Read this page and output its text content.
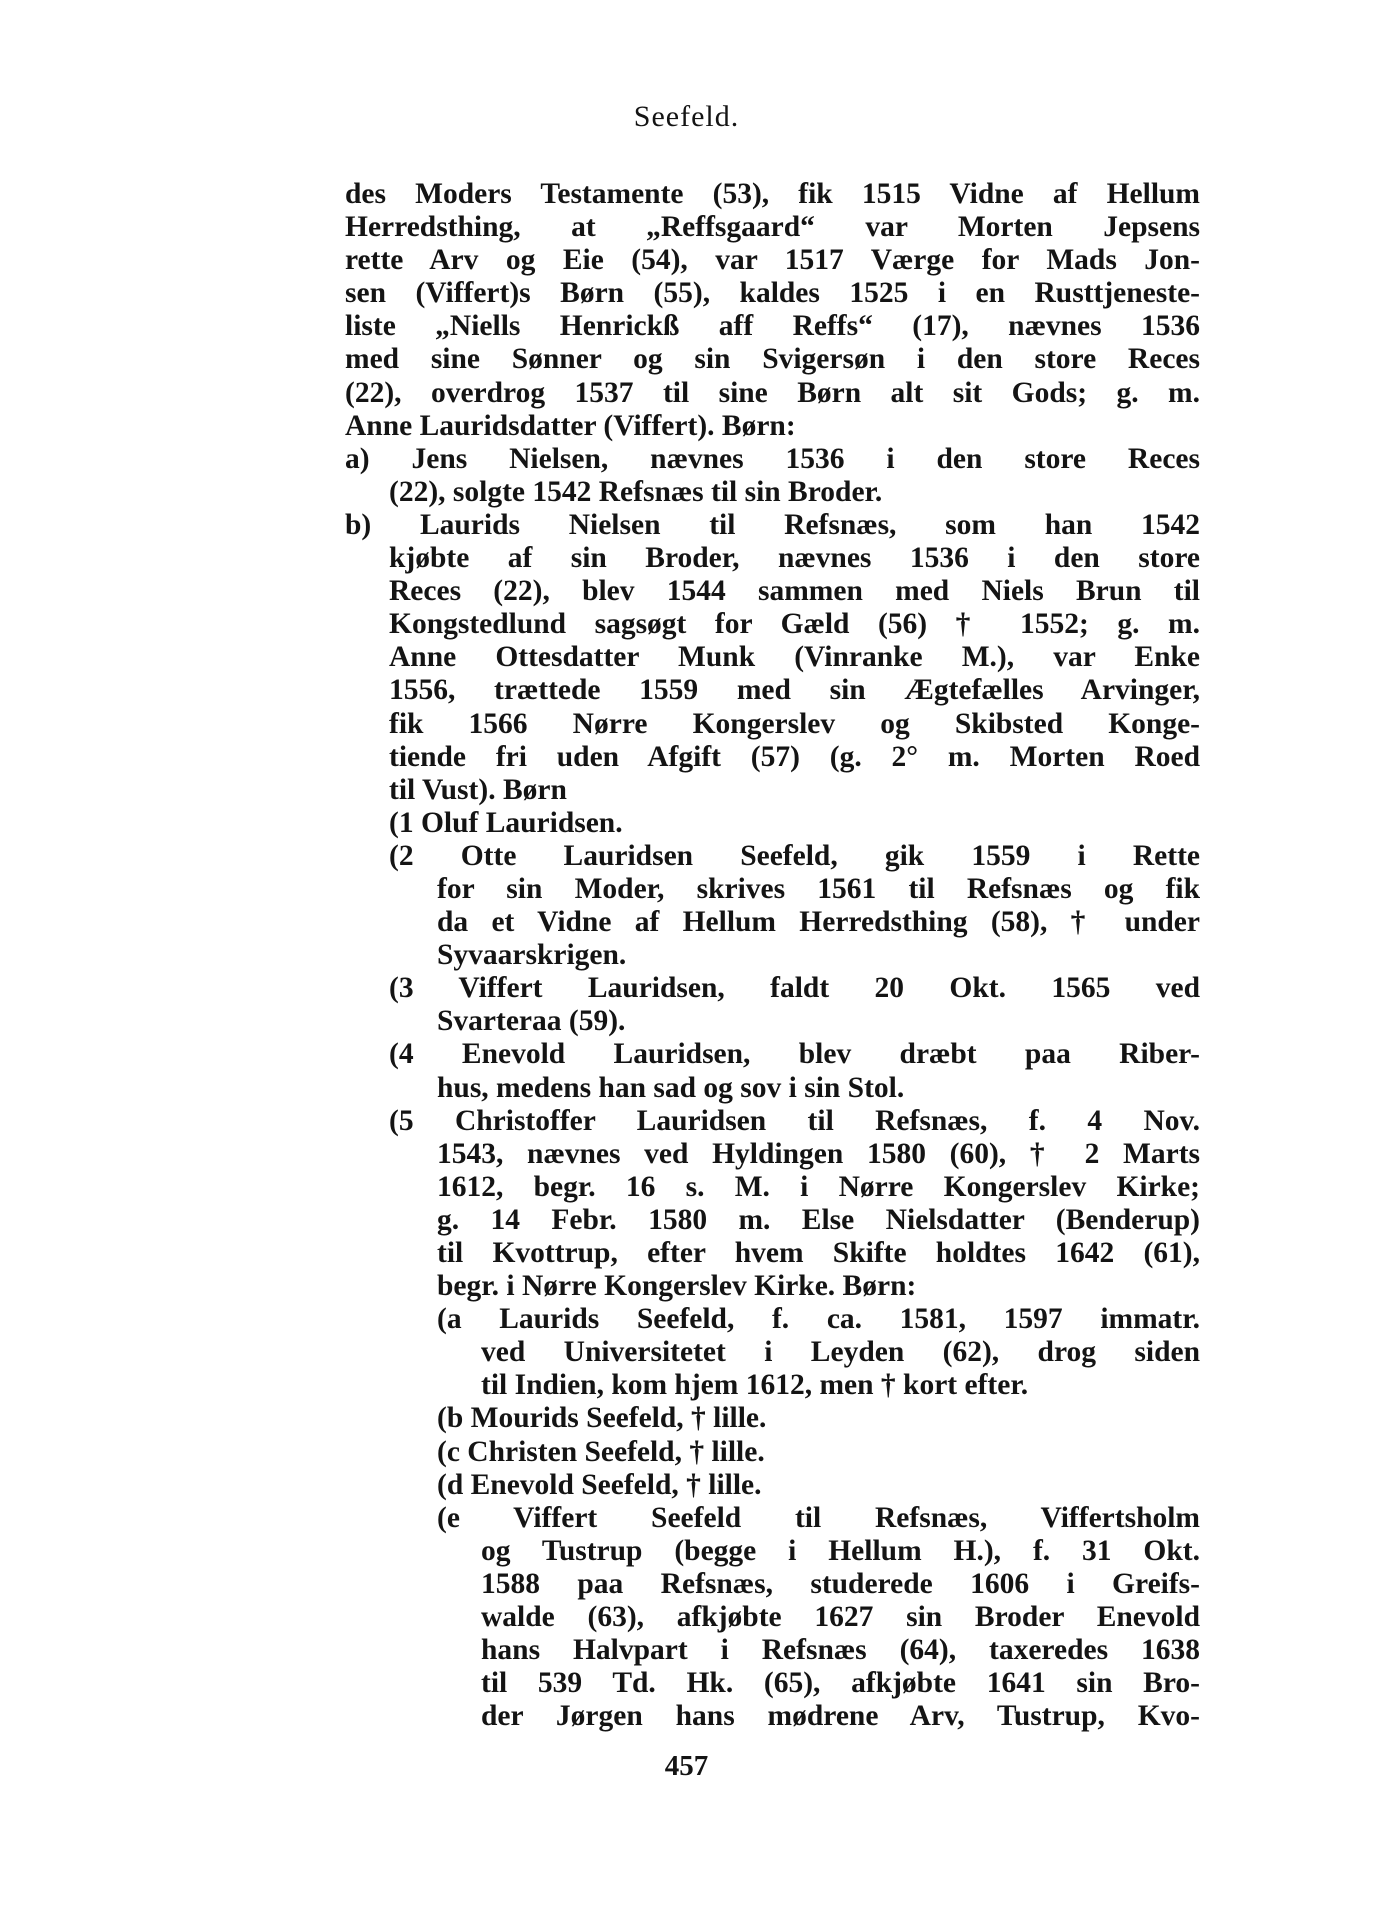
Seefeld.
des Moders Testamente (53), fik 1515 Vidne af Hellum
Herredsthing, at „Reffsgaard“ var Morten Jepsens
rette Arv og Eie (54), var 1517 Værge for Mads Jon-
sen (Viffert)s Børn (55), kaldes 1525 i en Rusttjeneste-
liste „Niells Henrickß aff Reffs“ (17), nævnes 1536
med sine Sønner og sin Svigersøn i den store Reces
(22), overdrog 1537 til sine Børn alt sit Gods; g. m.
Anne Lauridsdatter (Viffert). Børn:
a) Jens Nielsen, nævnes 1536 i den store Reces
(22), solgte 1542 Refsnæs til sin Broder.
b) Laurids Nielsen til Refsnæs, som han 1542
kjøbte af sin Broder, nævnes 1536 i den store
Reces (22), blev 1544 sammen med Niels Brun til
Kongstedlund sagsøgt for Gæld (56) † 1552; g. m.
Anne Ottesdatter Munk (Vinranke M.), var Enke
1556, trættede 1559 med sin Ægtefælles Arvinger,
fik 1566 Nørre Kongerslev og Skibsted Konge-
tiende fri uden Afgift (57) (g. 2° m. Morten Roed
til Vust). Børn
(1 Oluf Lauridsen.
(2 Otte Lauridsen Seefeld, gik 1559 i Rette
for sin Moder, skrives 1561 til Refsnæs og fik
da et Vidne af Hellum Herredsthing (58), † under
Syvaarskrigen.
(3 Viffert Lauridsen, faldt 20 Okt. 1565 ved
Svarteraa (59).
(4 Enevold Lauridsen, blev dræbt paa Riber-
hus, medens han sad og sov i sin Stol.
(5 Christoffer Lauridsen til Refsnæs, f. 4 Nov.
1543, nævnes ved Hyldingen 1580 (60), † 2 Marts
1612, begr. 16 s. M. i Nørre Kongerslev Kirke;
g. 14 Febr. 1580 m. Else Nielsdatter (Benderup)
til Kvottrup, efter hvem Skifte holdtes 1642 (61),
begr. i Nørre Kongerslev Kirke. Børn:
(a Laurids Seefeld, f. ca. 1581, 1597 immatr.
ved Universitetet i Leyden (62), drog siden
til Indien, kom hjem 1612, men † kort efter.
(b Mourids Seefeld, † lille.
(c Christen Seefeld, † lille.
(d Enevold Seefeld, † lille.
(e Viffert Seefeld til Refsnæs, Viffertsholm
og Tustrup (begge i Hellum H.), f. 31 Okt.
1588 paa Refsnæs, studerede 1606 i Greifs-
walde (63), afkjøbte 1627 sin Broder Enevold
hans Halvpart i Refsnæs (64), taxeredes 1638
til 539 Td. Hk. (65), afkjøbte 1641 sin Bro-
der Jørgen hans mødrene Arv, Tustrup, Kvo-
457
